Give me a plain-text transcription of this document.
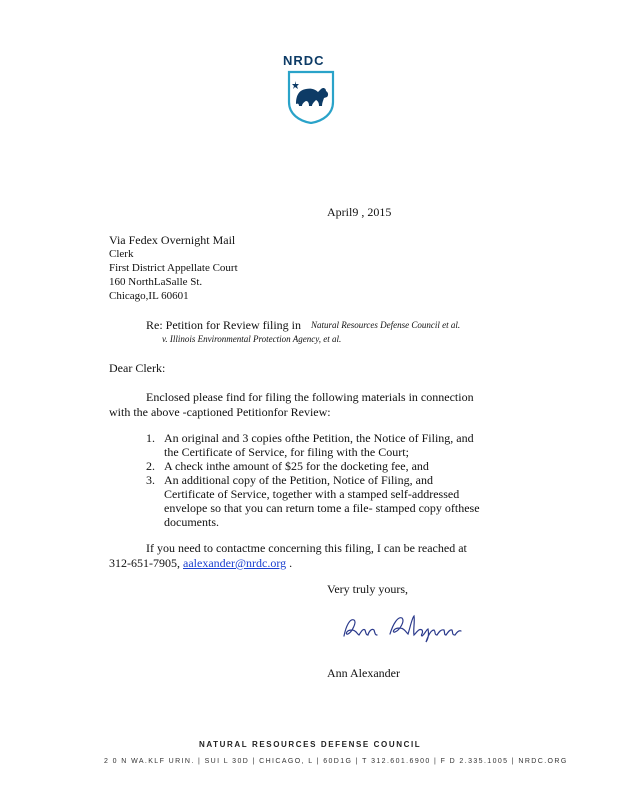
NRDC
April9 , 2015
Via Fedex Overnight Mail
Clerk
First District Appellate Court
160 NorthLaSalle St.
Chicago,IL 60601
Re: Petition for Review filing in Natural Resources Defense Council et al.
v. Illinois Environmental Protection Agency, et al.
Dear Clerk:
Enclosed please find for filing the following materials in connection
with the above -captioned Petitionfor Review:
1. An original and 3 copies ofthe Petition, the Notice of Filing, and
the Certificate of Service, for filing with the Court;
2. A check inthe amount of $25 for the docketing fee, and
3. An additional copy of the Petition, Notice of Filing, and
Certificate of Service, together with a stamped self-addressed
envelope so that you can return tome a file- stamped copy ofthese
documents.
If you need to contactme concerning this filing, I can be reached at
312-651-7905, aalexander@nrdc.org .
Very truly yours,
Ann Alexander
NATURAL RESOURCES DEFENSE COUNCIL
2 0 N WA.KLF URIN. | SUI L 30D | CHICAGO, L | 60D1G | T 312.601.6900 | F D 2.335.1005 | NRDC.ORG
